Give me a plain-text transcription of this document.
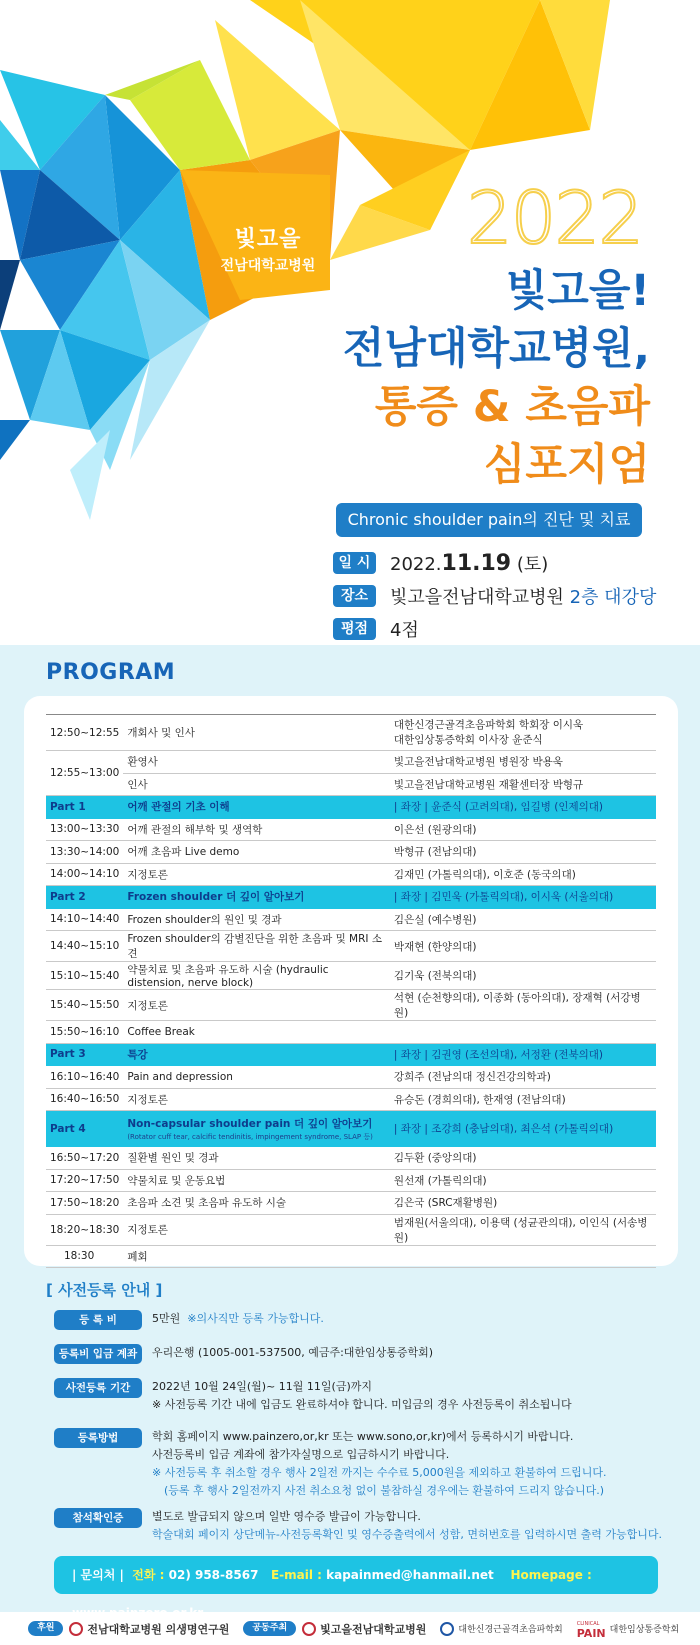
빛고을
전남대학교병원
2022
빛고을!
전남대학교병원,
통증 & 초음파
심포지엄
Chronic shoulder pain의 진단 및 치료
일 시	2022.11.19 (토)
장소	빛고을전남대학교병원 2층 대강당
평점	4점
PROGRAM
12:50~12:55	개회사 및 인사	대한신경근골격초음파학회 학회장 이시욱
대한임상통증학회 이사장 윤준식

12:55~13:00	환영사	빛고을전남대학교병원 병원장 박용욱
	인사	빛고을전남대학교병원 재활센터장 박형규
Part 1	어깨 관절의 기초 이해	| 좌장 | 윤준식 (고려의대), 임길병 (인제의대)
13:00~13:30	어깨 관절의 해부학 및 생역학	이은선 (원광의대)
13:30~14:00	어깨 초음파 Live demo	박형규 (전남의대)
14:00~14:10	지정토론	김재민 (가톨릭의대), 이호준 (동국의대)
Part 2	Frozen shoulder 더 깊이 알아보기	| 좌장 | 김민욱 (가톨릭의대), 이시욱 (서울의대)
14:10~14:40	Frozen shoulder의 원인 및 경과	김은실 (예수병원)
14:40~15:10	Frozen shoulder의 감별진단을 위한 초음파 및 MRI 소견	박재현 (한양의대)
15:10~15:40	약물치료 및 초음파 유도하 시술 (hydraulic distension, nerve block)	김기욱 (전북의대)
15:40~15:50	지정토론	석현 (순천향의대), 이종화 (동아의대), 장재혁 (서강병원)
15:50~16:10	Coffee Break	
Part 3	특강	| 좌장 | 김권영 (조선의대), 서정환 (전북의대)
16:10~16:40	Pain and depression	강희주 (전남의대 정신건강의학과)
16:40~16:50	지정토론	유승돈 (경희의대), 한재영 (전남의대)
Part 4	Non-capsular shoulder pain 더 깊이 알아보기
(Rotator cuff tear, calcific tendinitis, impingement syndrome, SLAP 등)	| 좌장 | 조강희 (충남의대), 최은석 (가톨릭의대)
16:50~17:20	질환별 원인 및 경과	김두환 (중앙의대)
17:20~17:50	약물치료 및 운동요법	원선재 (가톨릭의대)
17:50~18:20	초음파 소견 및 초음파 유도하 시술	김은국 (SRC재활병원)
18:20~18:30	지정토론	범재원(서울의대), 이용택 (성균관의대), 이인식 (서송병원)
18:30	폐회	
[ 사전등록 안내 ]
등 록 비	5만원 ※의사직만 등록 가능합니다.
등록비 입금 계좌	우리은행 (1005-001-537500, 예금주:대한임상통증학회)
사전등록 기간	2022년 10월 24일(월)~ 11월 11일(금)까지
※ 사전등록 기간 내에 입금도 완료하셔야 합니다. 미입금의 경우 사전등록이 취소됩니다
등록방법	학회 홈페이지 www.painzero,or,kr 또는 www.sono,or,kr)에서 등록하시기 바랍니다.
사전등록비 입금 계좌에 참가자실명으로 입금하시기 바랍니다.
※ 사전등록 후 취소할 경우 행사 2일전 까지는 수수료 5,000원을 제외하고 환불하여 드립니다.
(등록 후 행사 2일전까지 사전 취소요청 없이 불참하실 경우에는 환불하여 드리지 않습니다.)
참석확인증	별도로 발급되지 않으며 일반 영수증 발급이 가능합니다.
학술대회 페이지 상단메뉴-사전등록확인 및 영수증출력에서 성함, 면허번호를 입력하시면 출력 가능합니다.
| 문의처 | 전화 : 02) 958-8567 E-mail : kapainmed@hanmail.net Homepage :
후원	전남대학교병원 의생명연구원	공동주최	빛고을전남대학교병원	대한신경근골격초음파학회
CLINICAL
PAIN 대한임상통증학회
